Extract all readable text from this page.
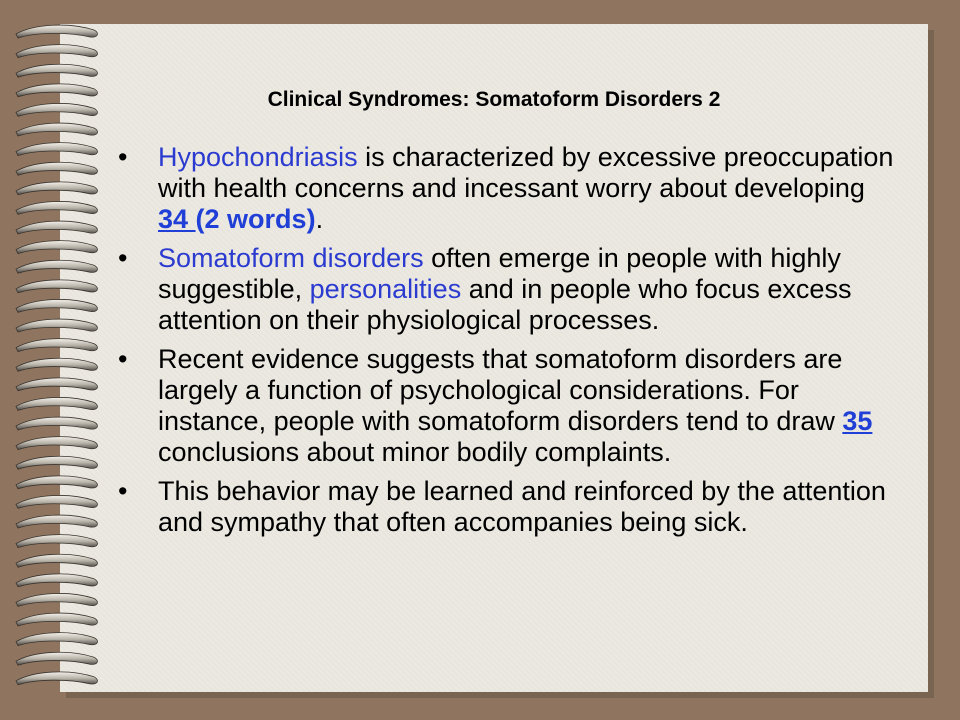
Clinical Syndromes: Somatoform Disorders 2
• Hypochondriasis is characterized by excessive preoccupation with health concerns and incessant worry about developing 34 (2 words).
• Somatoform disorders often emerge in people with highly suggestible, personalities and in people who focus excess attention on their physiological processes.
• Recent evidence suggests that somatoform disorders are largely a function of psychological considerations. For instance, people with somatoform disorders tend to draw 35 conclusions about minor bodily complaints.
• This behavior may be learned and reinforced by the attention and sympathy that often accompanies being sick.
